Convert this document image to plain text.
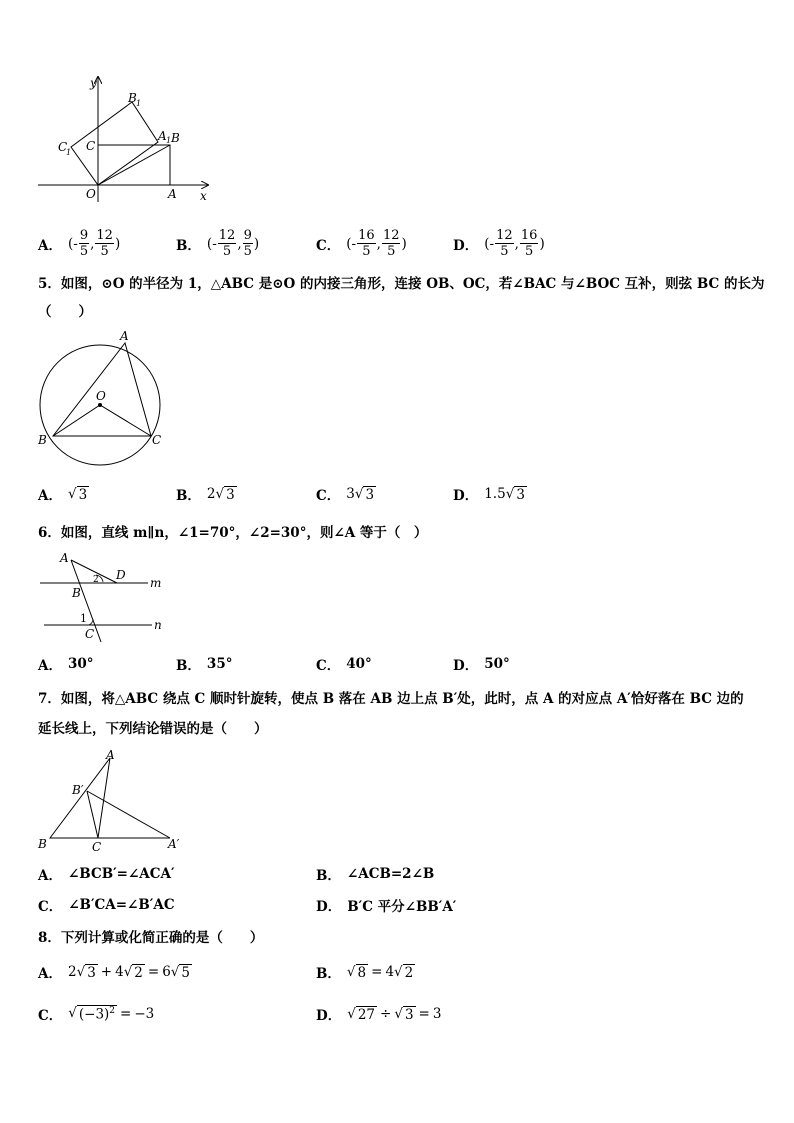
y
x
O	A
B
C
A 1
B 1
C
1
A． (- $\frac{9}{5}$ , $\frac{12}{5}$ )	B． (- $\frac{12}{5}$ , $\frac{9}{5}$ )	C． (- $\frac{16}{5}$ , $\frac{12}{5}$ )	D． (- $\frac{12}{5}$ , $\frac{16}{5}$ )
5．如图，⊙O 的半径为 1，△ABC 是⊙O 的内接三角形，连接 OB、OC，若∠BAC 与∠BOC 互补，则弦 BC 的长为
（　　）
A
B	C
O
A． √ 3	B． 2 √ 3	C． 3 √ 3	D． 1.5 √ 3
6．如图，直线 m∥n，∠1=70°，∠2=30°，则∠A 等于（　）
A
B
C
D
m
n
1
2
A． 30°	B． 35°	C． 40°	D． 50°
7．如图，将△ABC 绕点 C 顺时针旋转，使点 B 落在 AB 边上点 B′处，此时，点 A 的对应点 A′恰好落在 BC 边的
延长线上，下列结论错误的是（　　）
A
B	C
B′
A′
A． ∠BCB′=∠ACA′	B． ∠ACB=2∠B
C． ∠B′CA=∠B′AC	D． B′C 平分∠BB′A′
8．下列计算或化简正确的是（　　）
A． 2 √ 3 + 4 √ 2 = 6 √ 5	B． √ 8 = 4 √ 2
C． √ $(-3)^2 = -3$	D． √ 27 ÷ √ 3 = 3
